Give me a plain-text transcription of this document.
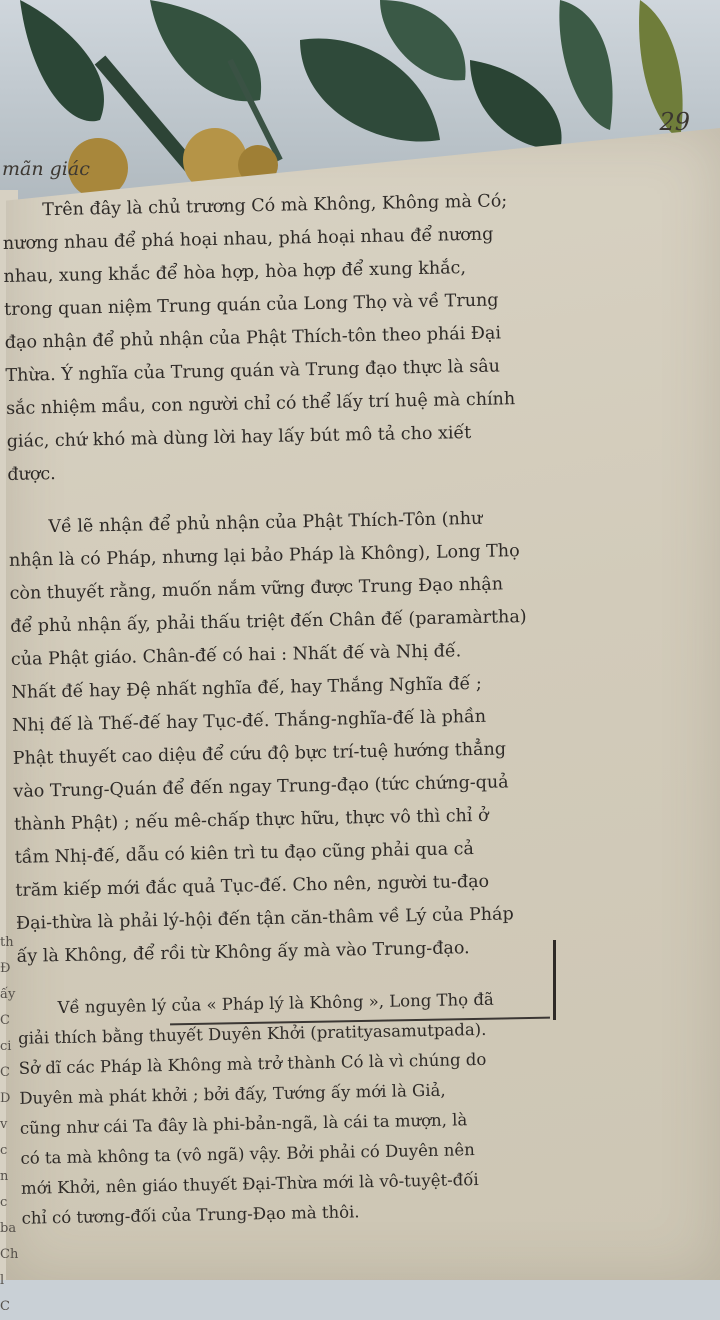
29
mãn giác

Trên đây là chủ trương Có mà Không, Không mà Có;
nương nhau để phá hoại nhau, phá hoại nhau để nương
nhau, xung khắc để hòa hợp, hòa hợp để xung khắc,
trong quan niệm Trung quán của Long Thọ và về Trung
đạo nhận để phủ nhận của Phật Thích-tôn theo phái Đại
Thừa. Ý nghĩa của Trung quán và Trung đạo thực là sâu
sắc nhiệm mầu, con người chỉ có thể lấy trí huệ mà chính
giác, chứ khó mà dùng lời hay lấy bút mô tả cho xiết
được.

Về lẽ nhận để phủ nhận của Phật Thích-Tôn (như
nhận là có Pháp, nhưng lại bảo Pháp là Không), Long Thọ
còn thuyết rằng, muốn nắm vững được Trung Đạo nhận
để phủ nhận ấy, phải thấu triệt đến Chân đế (paramàrtha)
của Phật giáo. Chân-đế có hai : Nhất đế và Nhị đế.
Nhất đế hay Đệ nhất nghĩa đế, hay Thắng Nghĩa đế ;
Nhị đế là Thế-đế hay Tục-đế. Thắng-nghĩa-đế là phần
Phật thuyết cao diệu để cứu độ bực trí-tuệ hướng thẳng
vào Trung-Quán để đến ngay Trung-đạo (tức chứng-quả
thành Phật) ; nếu mê-chấp thực hữu, thực vô thì chỉ ở
tầm Nhị-đế, dẫu có kiên trì tu đạo cũng phải qua cả
trăm kiếp mới đắc quả Tục-đế. Cho nên, người tu-đạo
Đại-thừa là phải lý-hội đến tận căn-thâm về Lý của Pháp
ấy là Không, để rồi từ Không ấy mà vào Trung-đạo.

Về nguyên lý của « Pháp lý là Không », Long Thọ đã
giải thích bằng thuyết Duyên Khởi (pratityasamutpada).
Sở dĩ các Pháp là Không mà trở thành Có là vì chúng do
Duyên mà phát khởi ; bởi đấy, Tướng ấy mới là Giả,
cũng như cái Ta đây là phi-bản-ngã, là cái ta mượn, là
có ta mà không ta (vô ngã) vậy. Bởi phải có Duyên nên
mới Khởi, nên giáo thuyết Đại-Thừa mới là vô-tuyệt-đối
chỉ có tương-đối của Trung-Đạo mà thôi.

th
Đ
ấy
C
ci
C
D
v
c
n
c
ba
Ch
l C
